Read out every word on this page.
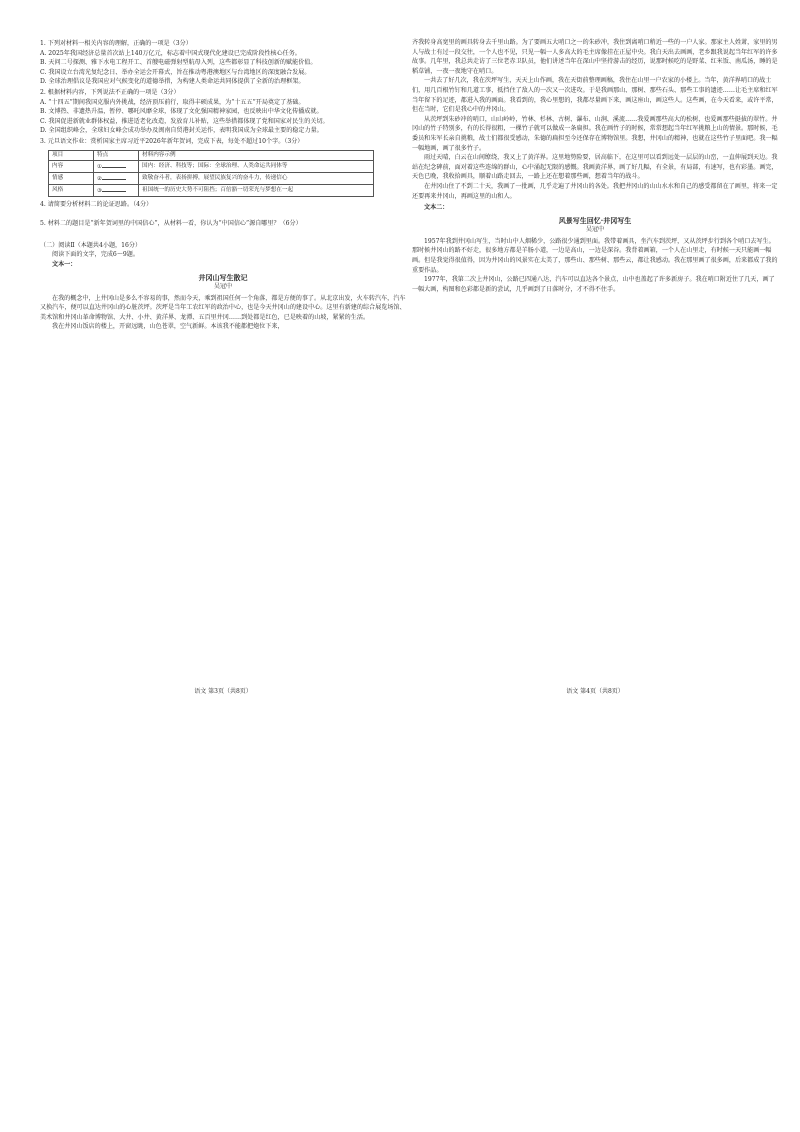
1. 下列对材料一相关内容的理解，正确的一项是（3分）

A. 2025年我国经济总量首次站上140万亿元，标志着中国式现代化建设已完成阶段性核心任务。

B. 天问二号探测、雅下水电工程开工、首艘电磁弹射型航母入列，这些都彰显了科技创新的赋能价值。

C. 我国设立台湾光复纪念日、举办全运会开幕式，旨在推动粤港澳地区与台湾地区的深度融合发展。

D. 全球治理倡议是我国应对气候变化的道德举措，为构建人类命运共同体提供了全新的治理框架。

2. 根据材料内容，下列说法不正确的一项是（3分）

A. “十四五”期间我国克服内外挑战，经济顶压前行，取得丰硕成果，为“十五五”开局奠定了基础。

B. 文博热、非遗热升温，暂停、哪吒风靡全球，体现了文化强国精神家园，也反映出中华文化传播成就。

C. 我国促进新就业群体权益，推进适老化改造，发放育儿补贴，这些举措都体现了党和国家对民生的关切。

D. 全国组织峰会，全球妇女峰会成功举办及闽南自贸港封关运作，表明我国成为全球最主要的稳定力量。

3. 元旦语文作业：赏析国家主席习近平2026年新年贺词，完成下表，每处不超过10个字。（3分）

项目	特点	材料内容示例
内容	①	国内：经济、科技等；国际：全球治理、人类命运共同体等
情感	②	致敬奋斗者，表扬拼搏，展望民族复兴的奋斗力，传递信心
风格	③	祖国统一的历史大势不可阻挡；百倍豁一切荣光与梦想在一起

4. 请简要分析材料二的论证思路。（4分）

5. 材料二的题目是“新年贺词里的中国信心”，从材料一看，你认为“中国信心”源自哪里？（6分）

（二）阅读Ⅱ（本题共4小题，16分）

阅读下面的文字，完成6～9题。

文本一：

井冈山写生散记

吴冠中

在我的概念中，上井冈山是多么不容易的事，然而今天，乘到祖国任何一个角落，都是方便的事了。从北京出发，火车转汽车，汽车又换汽车，便可以直达井冈山的心脏茨坪。茨坪是当年工农红军的政治中心，也是今天井冈山的建设中心。这里有新建的综合展览场馆、美术馆和井冈山革命博物馆、大井、小井、黄洋界、龙潭、五百里井冈……到处都是红色，已是映着的山坡，紧紧的生活。

我在井冈山饭店的楼上，开窗远眺，山色苍翠，空气新鲜。本该我不能都把炮位下来，

齐我转身高宽里的画具转身去千里山路。为了要画五大哨口之一的朱砂冲，我住到离哨口稍近一些的一户人家。那家主人姓萧，家里的男人与战士有过一段交往，一个人也不见，只见一幅一人多高大的毛主席像挂在正屋中央。我白天出去画画，老乡跟我说起当年红军的许多故事。几年里，我总共走访了三位老赤卫队员，他们讲述当年在深山中坚持游击的经历，说那时候吃的是野菜、红米饭、南瓜汤，睡的是稻草铺，一夜一夜地守在哨口。

一共去了好几次，我在茨坪写生，天天上山作画，我在天街前整理画稿，我住在山里一户农家的小楼上。当年，黄洋界哨口的战士们，用几百根竹钉和几道工事，抵挡住了敌人的一次又一次进攻。于是我画那山、那树、那些石头、那些工事的遗迹……让毛主席和红军当年留下的足迹，都进入我的画面。我看到的，我心里想的，我都尽量画下来，画这座山，画这些人。这些画，在今天看来，或许平常，但在当时，它们是我心中的井冈山。

从茨坪到朱砂冲的哨口，山山岭岭，竹林、杉林、古树、瀑布、山涧、溪流……我爱画那些高大的松树，也爱画那些挺拔的翠竹。井冈山的竹子特别多，有的长得很粗，一棵竹子就可以做成一条扁担。我在画竹子的时候，常常想起当年红军挑粮上山的情景。那时候，毛委员和朱军长亲自挑粮，战士们都很受感动，朱德的扁担至今还保存在博物馆里。我想，井冈山的精神，也就在这些竹子里面吧。我一幅一幅地画，画了很多竹子。

雨过天晴，白云在山间缭绕，我又上了黄洋界。这里地势险要，居高临下，在这里可以看到远处一层层的山峦，一直伸展到天边。我站在纪念碑前，面对着这些连绵的群山，心中涌起无限的感慨。我画黄洋界，画了好几幅，有全景，有局部，有速写，也有彩墨。画完，天色已晚，我收拾画具，顺着山路走回去，一路上还在想着那些画，想着当年的战斗。

在井冈山住了不到二十天，我画了一批画，几乎走遍了井冈山的各处。我把井冈山的山山水水和自己的感受都留在了画里，将来一定还要再来井冈山，再画这里的山和人。

文本二：

风景写生回忆·井冈写生

吴冠中

1957年我到井冈山写生，当时山中人烟稀少，公路很少通到里面。我带着画具，坐汽车到茨坪，又从茨坪步行到各个哨口去写生。那时候井冈山的路不好走，很多地方都是羊肠小道，一边是高山，一边是深谷。我背着画箱，一个人在山里走，有时候一天只能画一幅画。但是我觉得很值得，因为井冈山的风景实在太美了，那些山、那些树、那些云，都让我感动。我在那里画了很多画，后来都成了我的重要作品。

1977年，我第二次上井冈山，公路已四通八达，汽车可以直达各个景点，山中也盖起了许多新房子。我在哨口附近住了几天，画了一幅大画，构图和色彩都是新的尝试，几乎画到了日落时分，才不得不住手。

语文 第3页（共8页）	语文 第4页（共8页）
